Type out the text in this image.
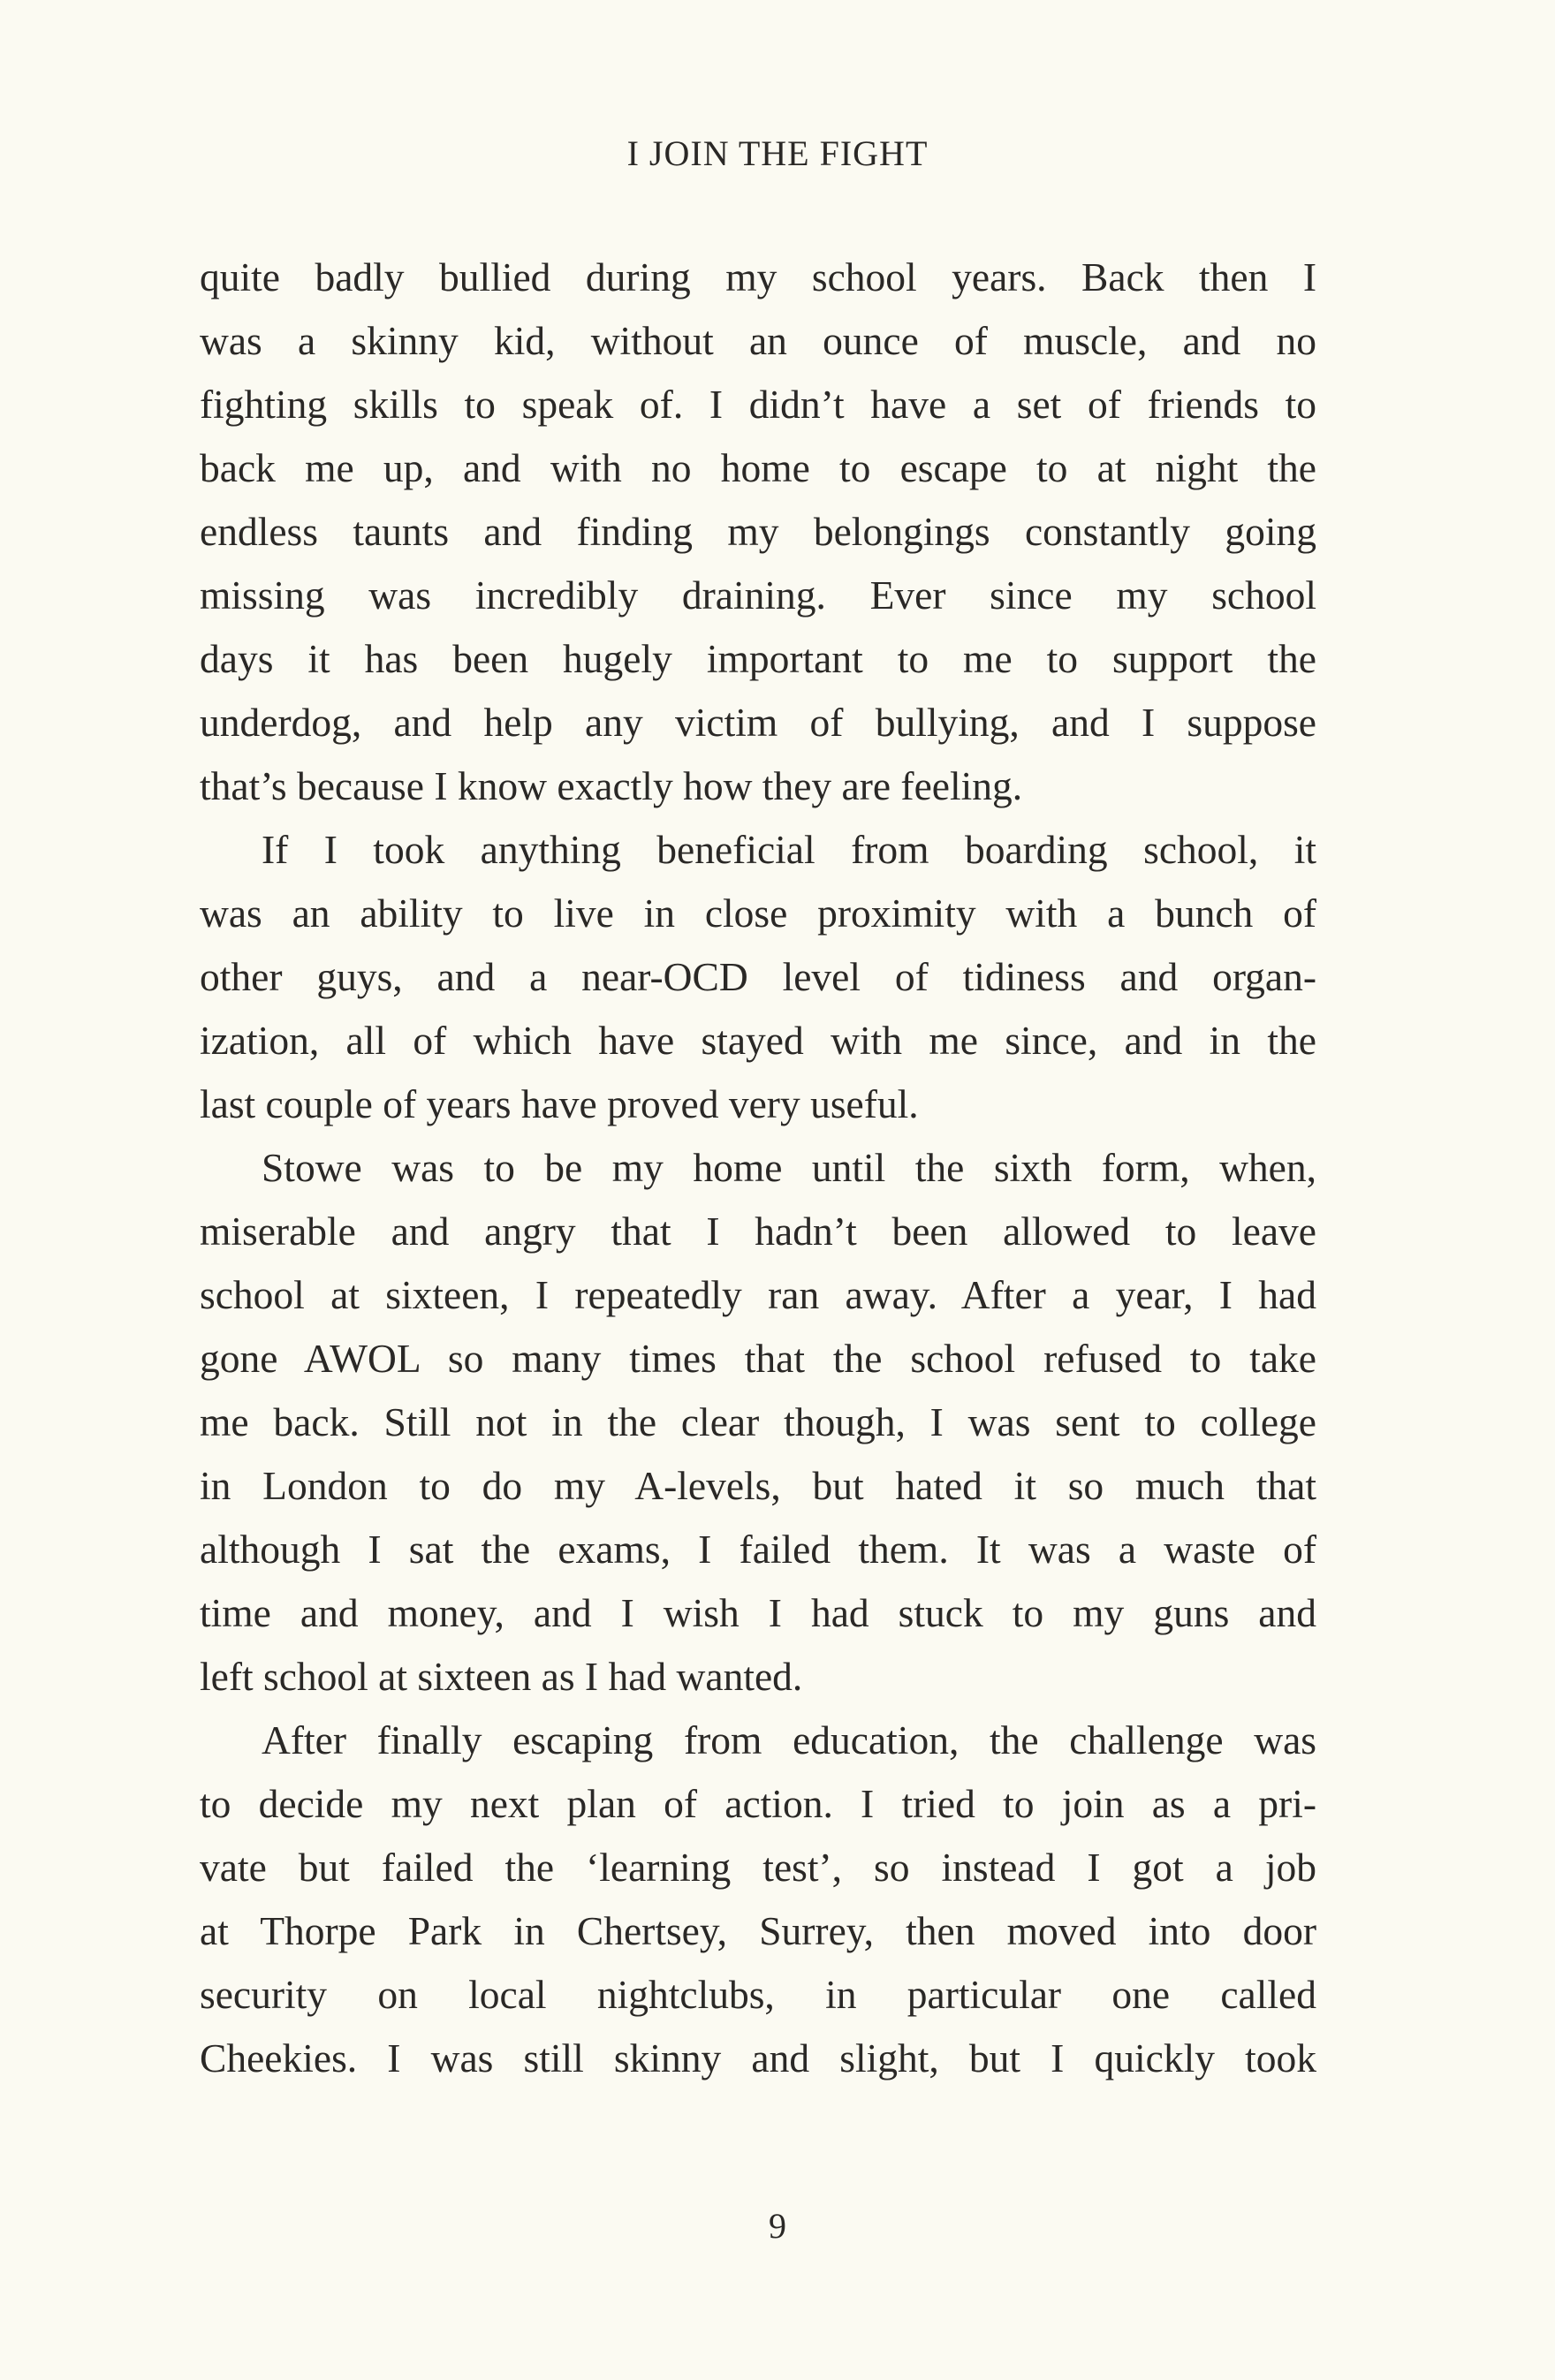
I JOIN THE FIGHT
quite badly bullied during my school years. Back then I
was a skinny kid, without an ounce of muscle, and no
fighting skills to speak of. I didn’t have a set of friends to
back me up, and with no home to escape to at night the
endless taunts and finding my belongings constantly going
missing was incredibly draining. Ever since my school
days it has been hugely important to me to support the
underdog, and help any victim of bullying, and I suppose
that’s because I know exactly how they are feeling.
If I took anything beneficial from boarding school, it
was an ability to live in close proximity with a bunch of
other guys, and a near-OCD level of tidiness and organ-
ization, all of which have stayed with me since, and in the
last couple of years have proved very useful.
Stowe was to be my home until the sixth form, when,
miserable and angry that I hadn’t been allowed to leave
school at sixteen, I repeatedly ran away. After a year, I had
gone AWOL so many times that the school refused to take
me back. Still not in the clear though, I was sent to college
in London to do my A-levels, but hated it so much that
although I sat the exams, I failed them. It was a waste of
time and money, and I wish I had stuck to my guns and
left school at sixteen as I had wanted.
After finally escaping from education, the challenge was
to decide my next plan of action. I tried to join as a pri-
vate but failed the ‘learning test’, so instead I got a job
at Thorpe Park in Chertsey, Surrey, then moved into door
security on local nightclubs, in particular one called
Cheekies. I was still skinny and slight, but I quickly took
9
